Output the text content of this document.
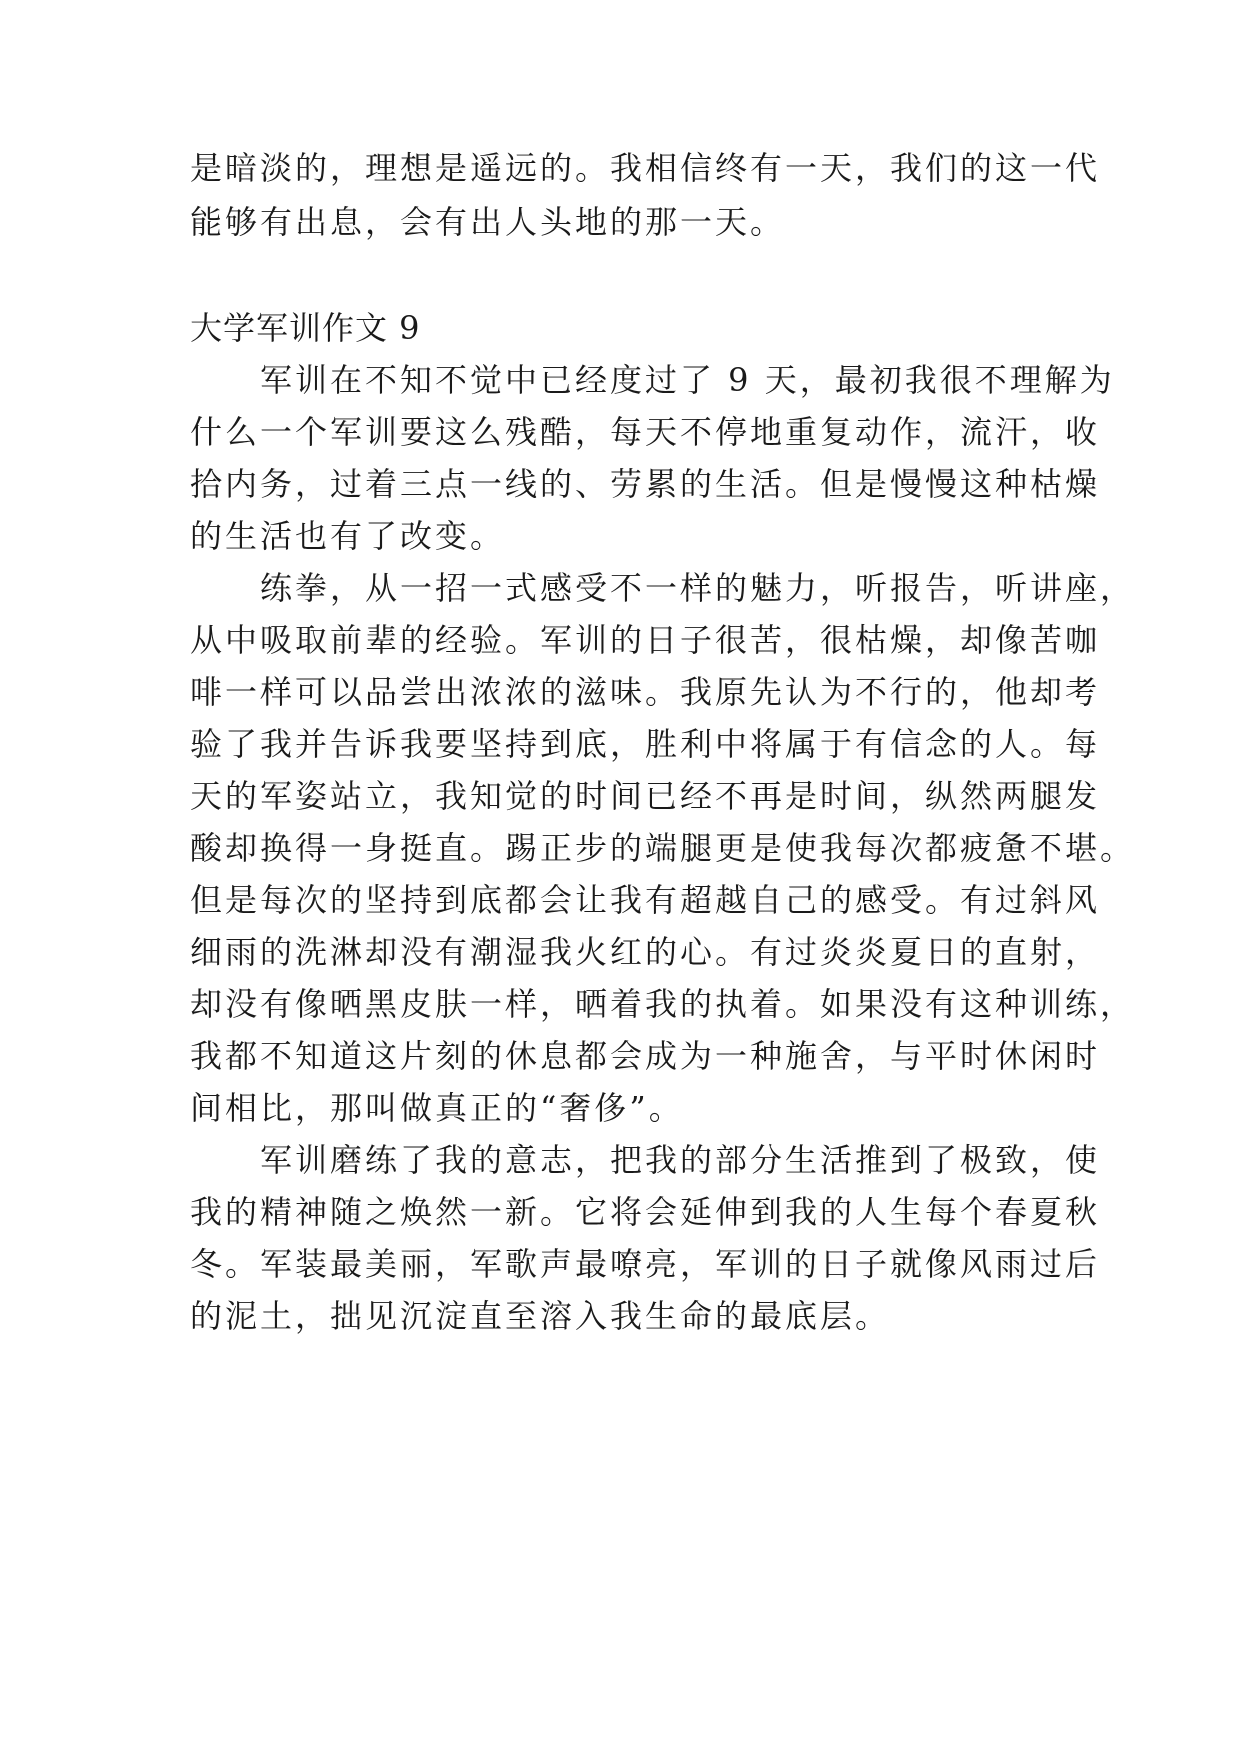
是暗淡的，理想是遥远的。我相信终有一天，我们的这一代
能够有出息，会有出人头地的那一天。
大学军训作文 9
　　军训在不知不觉中已经度过了 9 天，最初我很不理解为
什么一个军训要这么残酷，每天不停地重复动作，流汗，收
拾内务，过着三点一线的、劳累的生活。但是慢慢这种枯燥
的生活也有了改变。
　　练拳，从一招一式感受不一样的魅力，听报告，听讲座，
从中吸取前辈的经验。军训的日子很苦，很枯燥，却像苦咖
啡一样可以品尝出浓浓的滋味。我原先认为不行的，他却考
验了我并告诉我要坚持到底，胜利中将属于有信念的人。每
天的军姿站立，我知觉的时间已经不再是时间，纵然两腿发
酸却换得一身挺直。踢正步的端腿更是使我每次都疲惫不堪。
但是每次的坚持到底都会让我有超越自己的感受。有过斜风
细雨的洗淋却没有潮湿我火红的心。有过炎炎夏日的直射，
却没有像晒黑皮肤一样，晒着我的执着。如果没有这种训练，
我都不知道这片刻的休息都会成为一种施舍，与平时休闲时
间相比，那叫做真正的“奢侈”。
　　军训磨练了我的意志，把我的部分生活推到了极致，使
我的精神随之焕然一新。它将会延伸到我的人生每个春夏秋
冬。军装最美丽，军歌声最嘹亮，军训的日子就像风雨过后
的泥土，拙见沉淀直至溶入我生命的最底层。
